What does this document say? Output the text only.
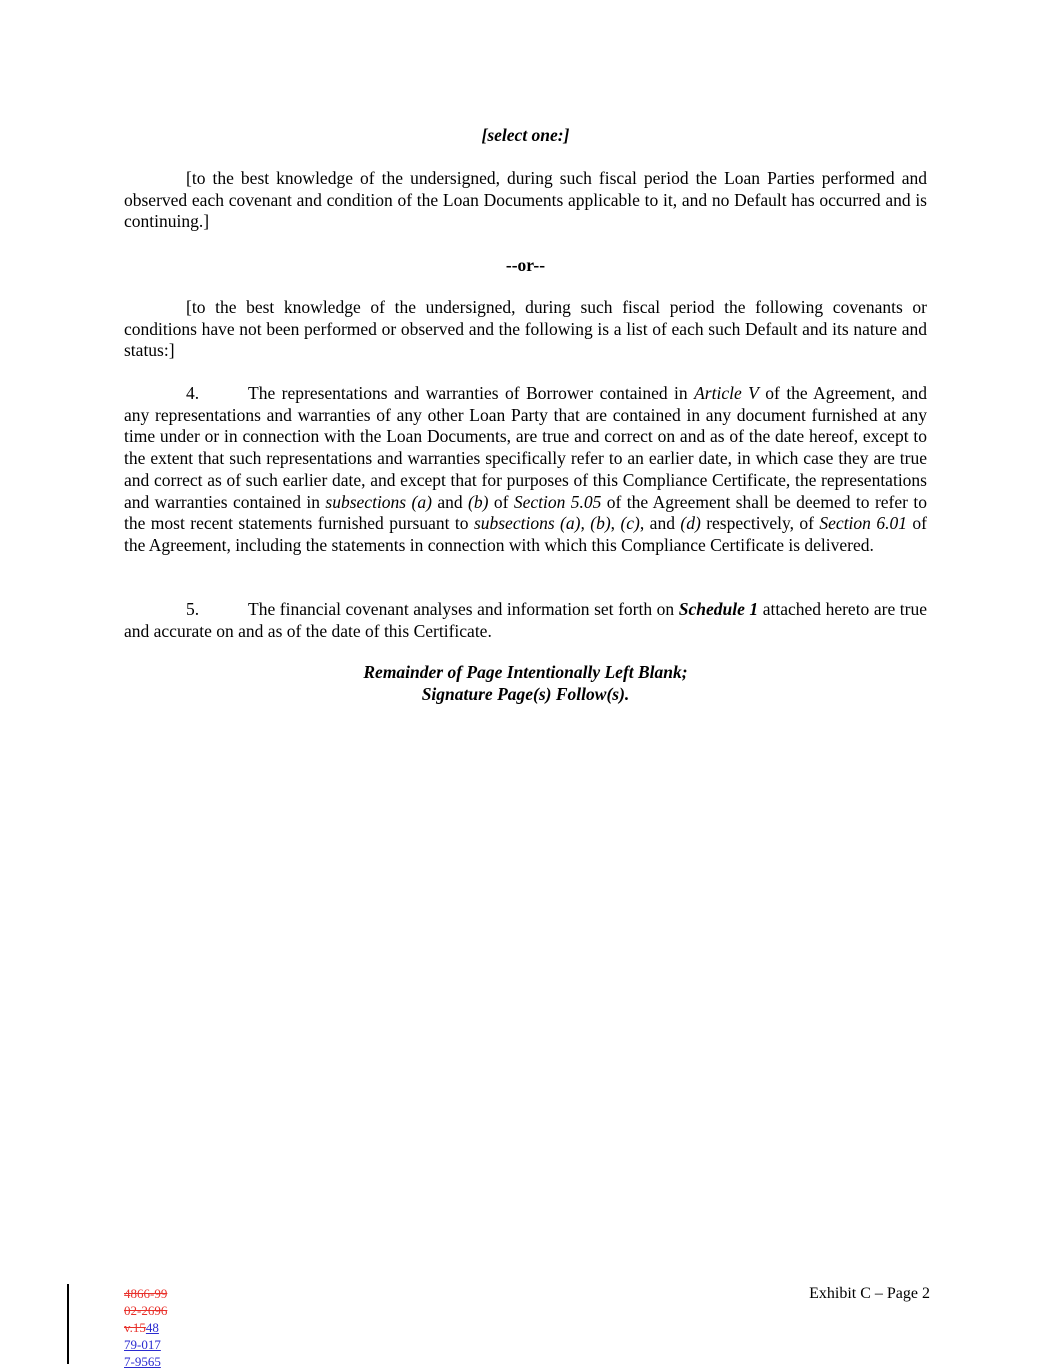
[select one:]
[to the best knowledge of the undersigned, during such fiscal period the Loan Parties performed and observed each covenant and condition of the Loan Documents applicable to it, and no Default has occurred and is continuing.]
--or--
[to the best knowledge of the undersigned, during such fiscal period the following covenants or conditions have not been performed or observed and the following is a list of each such Default and its nature and status:]
4.	The representations and warranties of Borrower contained in Article V of the Agreement, and any representations and warranties of any other Loan Party that are contained in any document furnished at any time under or in connection with the Loan Documents, are true and correct on and as of the date hereof, except to the extent that such representations and warranties specifically refer to an earlier date, in which case they are true and correct as of such earlier date, and except that for purposes of this Compliance Certificate, the representations and warranties contained in subsections (a) and (b) of Section 5.05 of the Agreement shall be deemed to refer to the most recent statements furnished pursuant to subsections (a), (b), (c), and (d) respectively, of Section 6.01 of the Agreement, including the statements in connection with which this Compliance Certificate is delivered.
5.	The financial covenant analyses and information set forth on Schedule 1 attached hereto are true and accurate on and as of the date of this Certificate.
Remainder of Page Intentionally Left Blank;
Signature Page(s) Follow(s).
4866-99
02-2696
v.1548
79-017
7-9565
Exhibit C – Page 2
